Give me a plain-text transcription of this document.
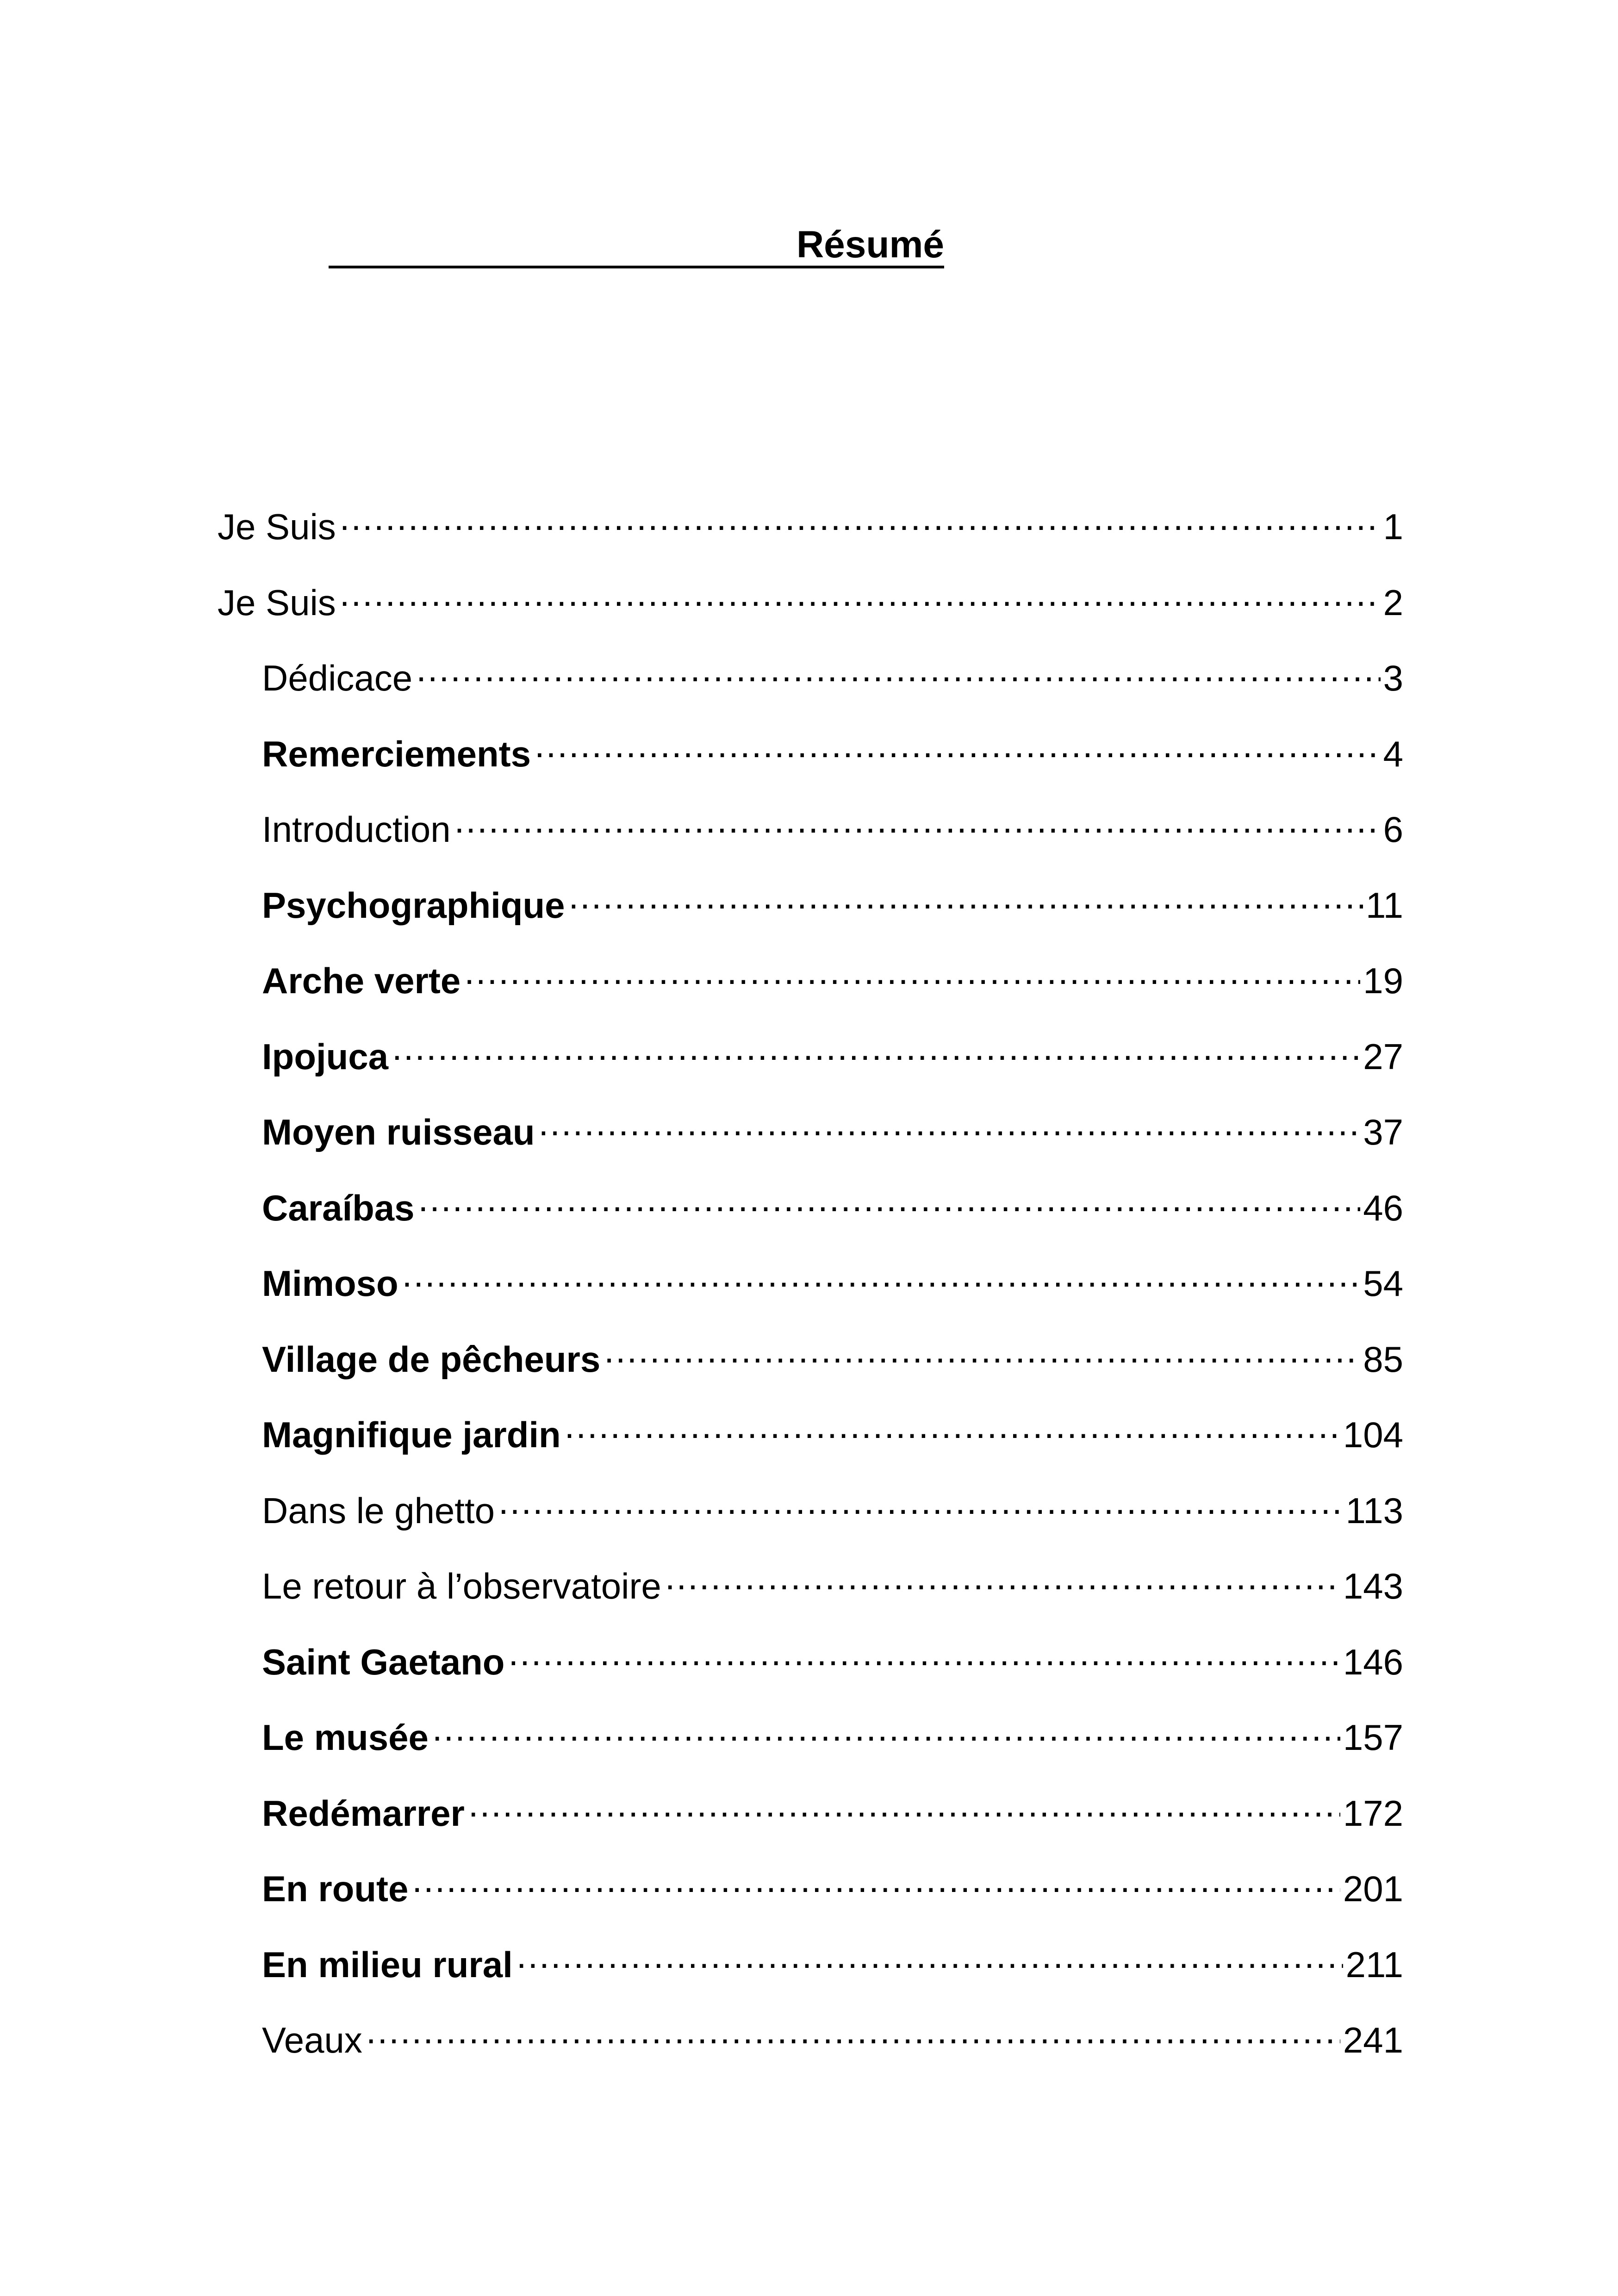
Résumé
Je Suis .....	1
Je Suis .....	2
Dédicace .....	3
Remerciements .....	4
Introduction .....	6
Psychographique .....	11
Arche verte .....	19
Ipojuca .....	27
Moyen ruisseau .....	37
Caraíbas .....	46
Mimoso .....	54
Village de pêcheurs .....	85
Magnifique jardin .....	104
Dans le ghetto .....	113
Le retour à l’observatoire .....	143
Saint Gaetano .....	146
Le musée .....	157
Redémarrer .....	172
En route .....	201
En milieu rural .....	211
Veaux .....	241
